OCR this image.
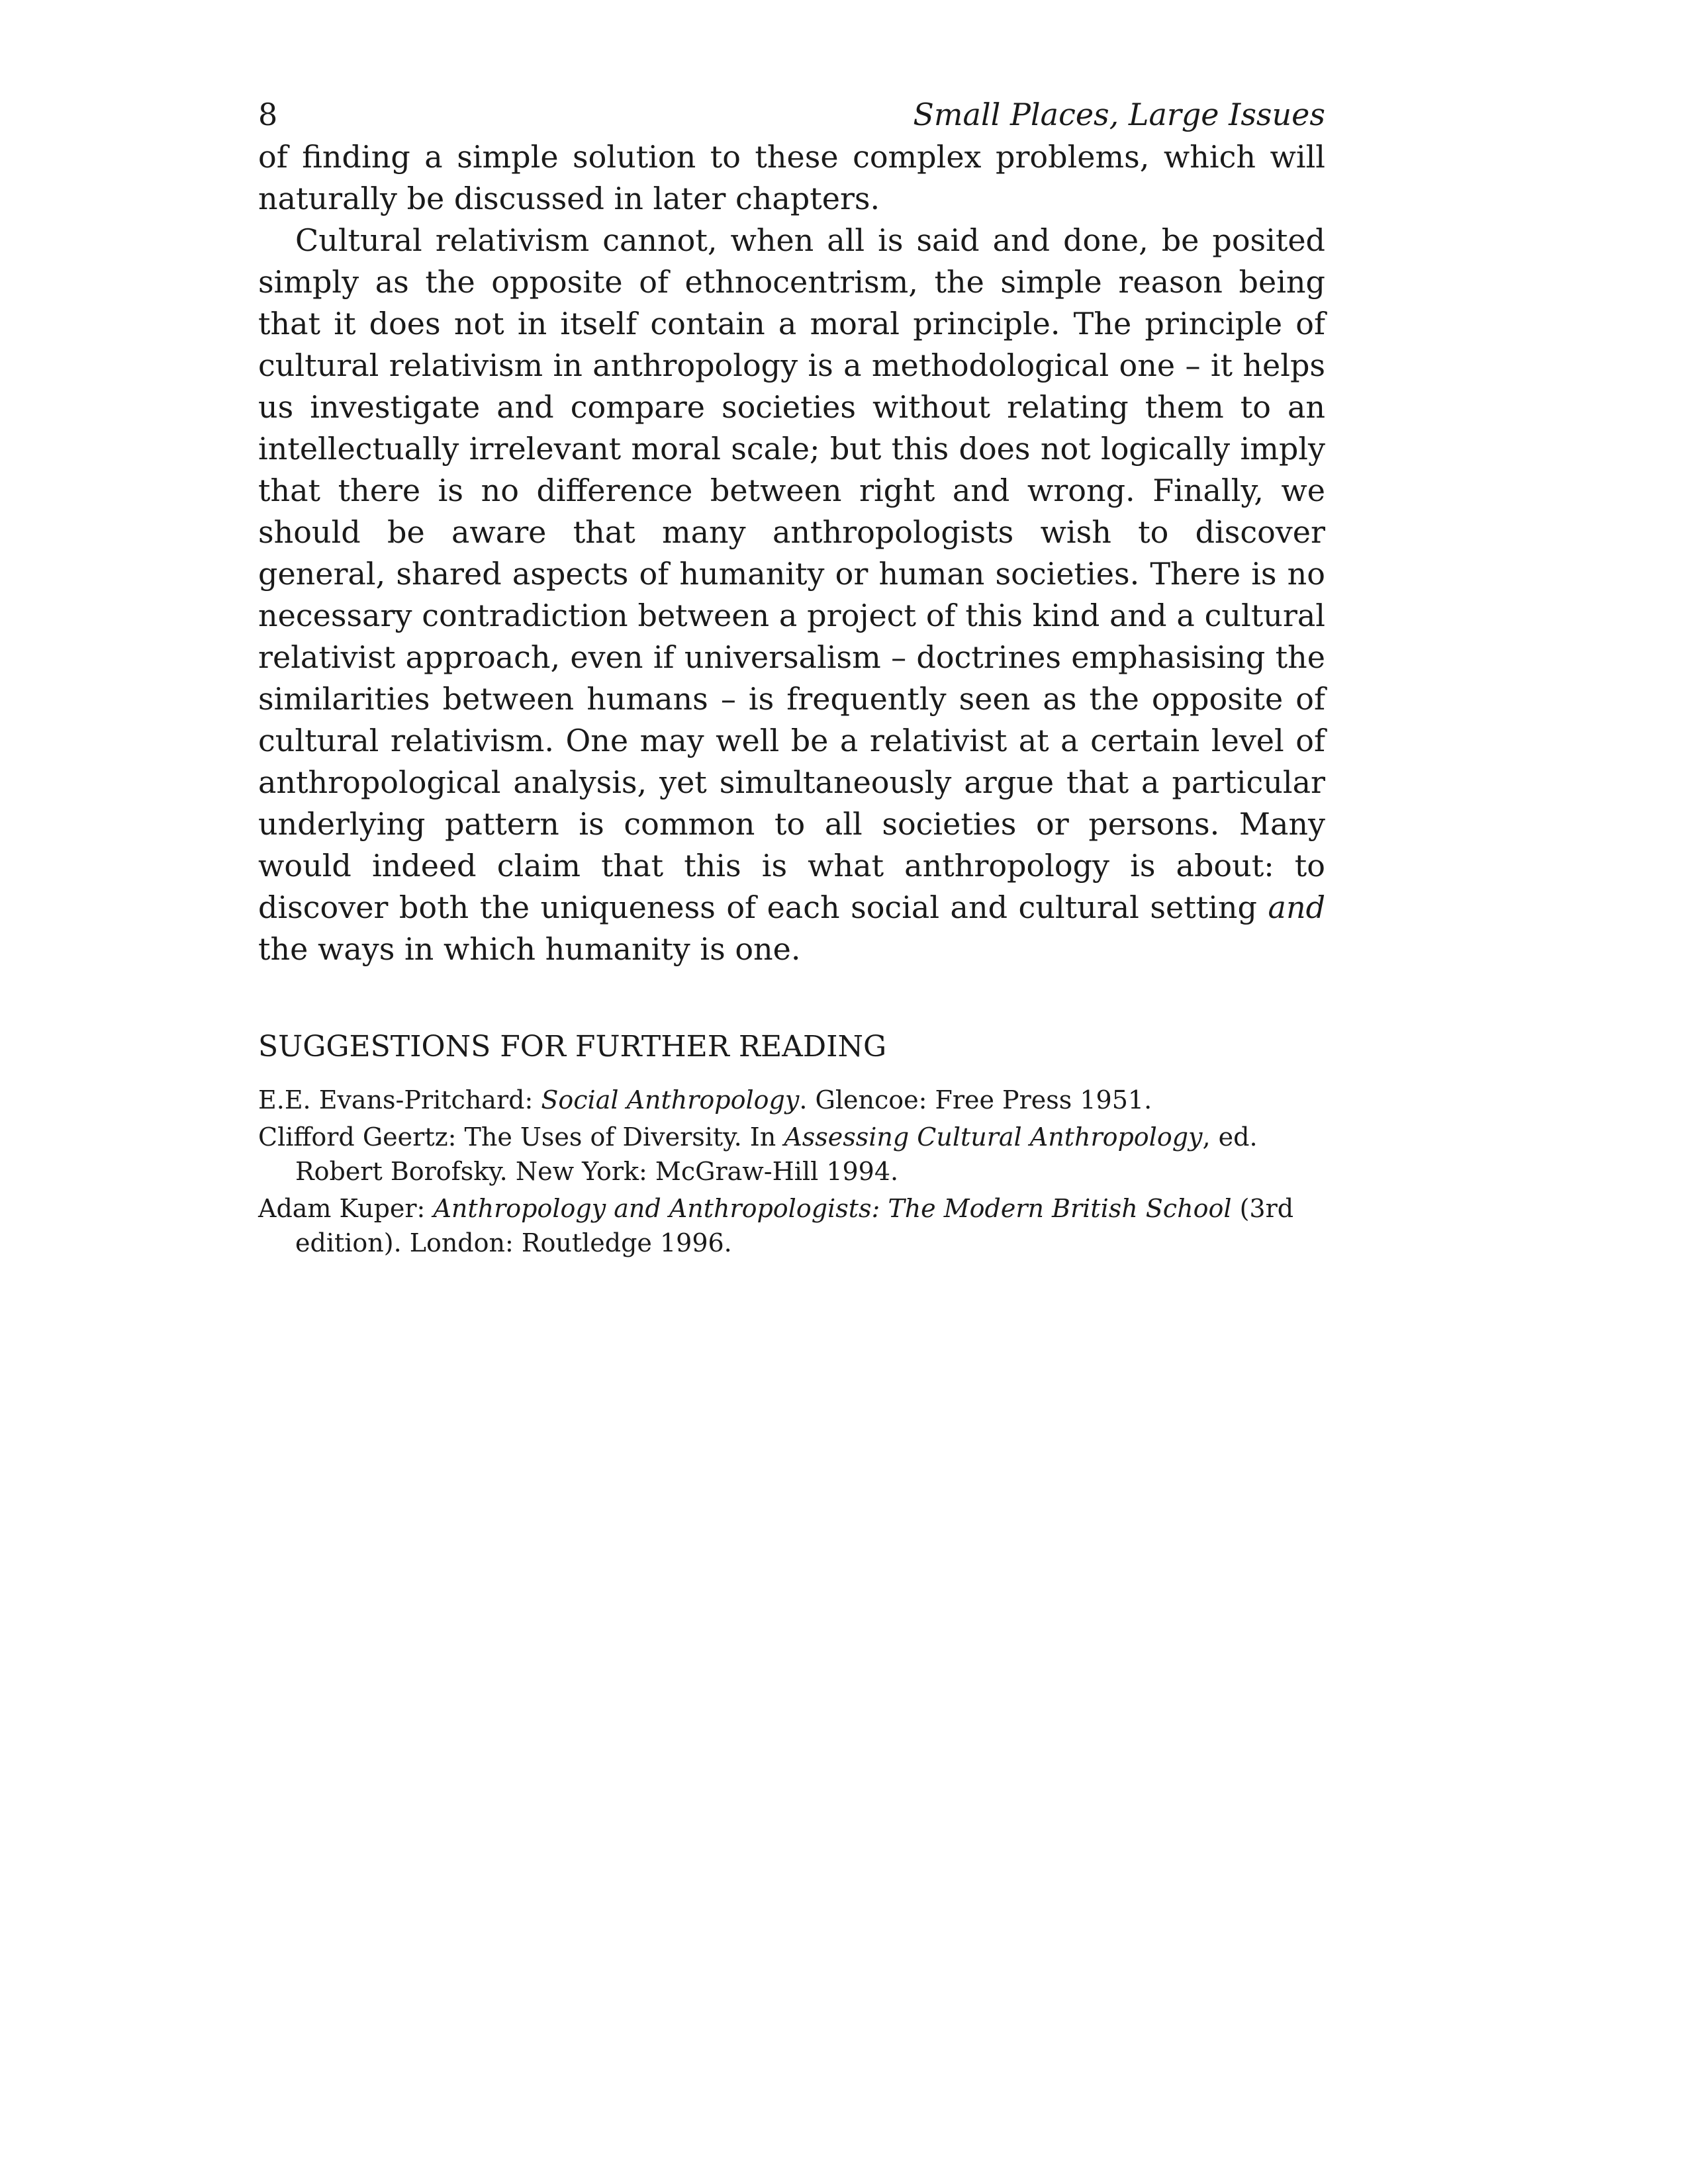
8	Small Places, Large Issues

of finding a simple solution to these complex problems, which will naturally be discussed in later chapters.

Cultural relativism cannot, when all is said and done, be posited simply as the opposite of ethnocentrism, the simple reason being that it does not in itself contain a moral principle. The principle of cultural relativism in anthropology is a methodological one – it helps us investigate and compare societies without relating them to an intellectually irrelevant moral scale; but this does not logically imply that there is no difference between right and wrong. Finally, we should be aware that many anthropologists wish to discover general, shared aspects of humanity or human societies. There is no necessary contradiction between a project of this kind and a cultural relativist approach, even if universalism – doctrines emphasising the similarities between humans – is frequently seen as the opposite of cultural relativism. One may well be a relativist at a certain level of anthropological analysis, yet simultaneously argue that a particular underlying pattern is common to all societies or persons. Many would indeed claim that this is what anthropology is about: to discover both the uniqueness of each social and cultural setting and the ways in which humanity is one.

SUGGESTIONS FOR FURTHER READING

E.E. Evans-Pritchard: Social Anthropology. Glencoe: Free Press 1951.

Clifford Geertz: The Uses of Diversity. In Assessing Cultural Anthropology, ed. Robert Borofsky. New York: McGraw-Hill 1994.

Adam Kuper: Anthropology and Anthropologists: The Modern British School (3rd edition). London: Routledge 1996.
